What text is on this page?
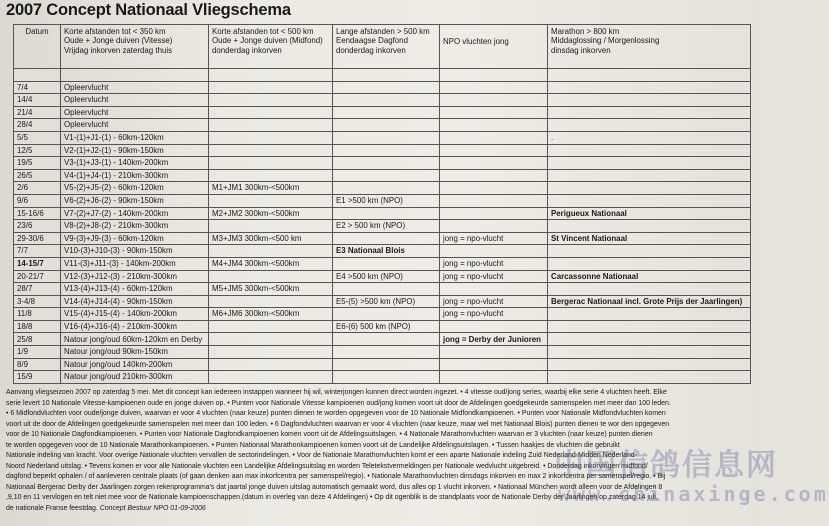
2007 Concept Nationaal Vliegschema
Datum	Korte afstanden tot < 350 km
Oude + Jonge duiven (Vitesse)
Vrijdag inkorven zaterdag thuis	Korte afstanden tot < 500 km
Oude + Jonge duiven (Midfond)
donderdag inkorven	Lange afstanden > 500 km
Eendaagse Dagfond
donderdag inkorven	NPO vluchten jong	Marathon > 800 km
Middaglossing / Morgenlossing
dinsdag inkorven

7/4	Opleervlucht				
14/4	Opleervlucht				
21/4	Opleervlucht				
28/4	Opleervlucht				
5/5	V1-(1)+J1-(1) - 60km-120km				.
12/5	V2-(1)+J2-(1) - 90km-150km				
19/5	V3-(1)+J3-(1) - 140km-200km				
26/5	V4-(1)+J4-(1) - 210km-300km				
2/6	V5-(2)+J5-(2) - 60km-120km	M1+JM1 300km-<500km			
9/6	V6-(2)+J6-(2) - 90km-150km		E1 >500 km (NPO)		
15-16/6	V7-(2)+J7-(2) - 140km-200km	M2+JM2 300km-<500km			Perigueux Nationaal
23/6	V8-(2)+J8-(2) - 210km-300km		E2 > 500 km (NPO)		
29-30/6	V9-(3)+J9-(3) - 60km-120km	M3+JM3 300km-<500 km		jong = npo-vlucht	St Vincent Nationaal
7/7	V10-(3)+J10-(3) - 90km-150km		E3 Nationaal Blois		
14-15/7	V11-(3)+J11-(3) - 140km-200km	M4+JM4 300km-<500km		jong = npo-vlucht	
20-21/7	V12-(3)+J12-(3) - 210km-300km		E4 >500 km (NPO)	jong = npo-vlucht	Carcassonne Nationaal
28/7	V13-(4)+J13-(4) - 60km-120km	M5+JM5 300km-<500km			
3-4/8	V14-(4)+J14-(4) - 90km-150km		E5-(5) >500 km (NPO)	jong = npo-vlucht	Bergerac Nationaal incl. Grote Prijs der Jaarlingen)
11/8	V15-(4)+J15-(4) - 140km-200km	M6+JM6 300km-<500km		jong = npo-vlucht	
18/8	V16-(4)+J16-(4) - 210km-300km		E6-(6) 500 km (NPO)		
25/8	Natour jong/oud 60km-120km en Derby			jong = Derby der Junioren	
1/9	Natour jong/oud 90km-150km				
8/9	Natour jong/oud 140km-200km				
15/9	Natour jong/oud 210km-300km				
Aanvang vliegseizoen 2007 op zaterdag 5 mei. Met dit concept kan iedereen instappen wanneer hij wil, winterjongen kunnen direct worden ingezet. • 4 vitesse oud/jong series, waarbij elke serie 4 vluchten heeft. Elke
serie levert 10 Nationale Vitesse-kampioenen oude en jonge duiven op. • Punten voor Nationale Vitesse kampioenen oud/jong komen voort uit door de Afdelingen goedgekeurde samenspelen met meer dan 100 leden.
• 6 Midfondvluchten voor oude/jonge duiven, waarvan er voor 4 vluchten (naar keuze) punten dienen te worden opgegeven voor de 10 Nationale Midfondkampioenen. • Punten voor Nationale Midfondvluchten komen
voort uit de door de Afdelingen goedgekeurde samenspelen met meer dan 100 leden. • 6 Dagfondvluchten waarvan er voor 4 vluchten (naar keuze, maar wel met Nationaal Blois) punten dienen te wor den opgegeven
voor de 10 Nationale Dagfondkampioenen. • Punten voor Nationale Dagfondkampioenen komen voort uit de Afdelingsuitslagen. • 4 Nationale Marathonvluchten waarvan er 3 vluchten (naar keuze) punten dienen
te worden opgegeven voor de 10 Nationale Marathonkampioenen. • Punten Nationaal Marathonkampioenen komen voort uit de Landelijke Afdelingsuitslagen. • Tussen haakjes de vluchten die gebruikt
Nationale indeling van kracht. Voor overige Nationale vluchten vervallen de sectorindelingen. • Voor de Nationale Marathonvluchten komt er een aparte Nationale indeling Zuid Nederland-Midden Nederland-
Noord Nederland uitslag. • Tevens komen er voor alle Nationale vluchten een Landelijke Afdelingsuitslag en worden Teletekstvermeldingen per Nationale wedvlucht uitgebreid. • Donderdag inkorvingen midfond/
dagfond beperkt ophalen / of aanleveren centrale plaats (of gaan denken aan max inkorfcentra per samenspel/regio). • Nationale Marathonvluchten dinsdags inkorven en max 2 inkorfcentra per samenspel/regio. • Bij
Nationaal Bergerac Derby der Jaarlingen zorgen rekenprogramma's dat jaartal jonge duiven uitslag automatisch gemaakt word, dus alles op 1 vlucht inkorven. • Nationaal München wordt alleen voor de Afdelingen 8
,9,10 en 11 vervlogen en telt niet mee voor de Nationale kampioenschappen.(datum in overleg van deze 4 Afdelingen) • Op dit ogenblik is de standplaats voor de Nationale Derby der Jaarlingen op zaterdag 14 juli,
de nationale Franse feestdag. Concept Bestuur NPO 01-09-2006
中国信鸽信息网
www.chinaxinge.com
